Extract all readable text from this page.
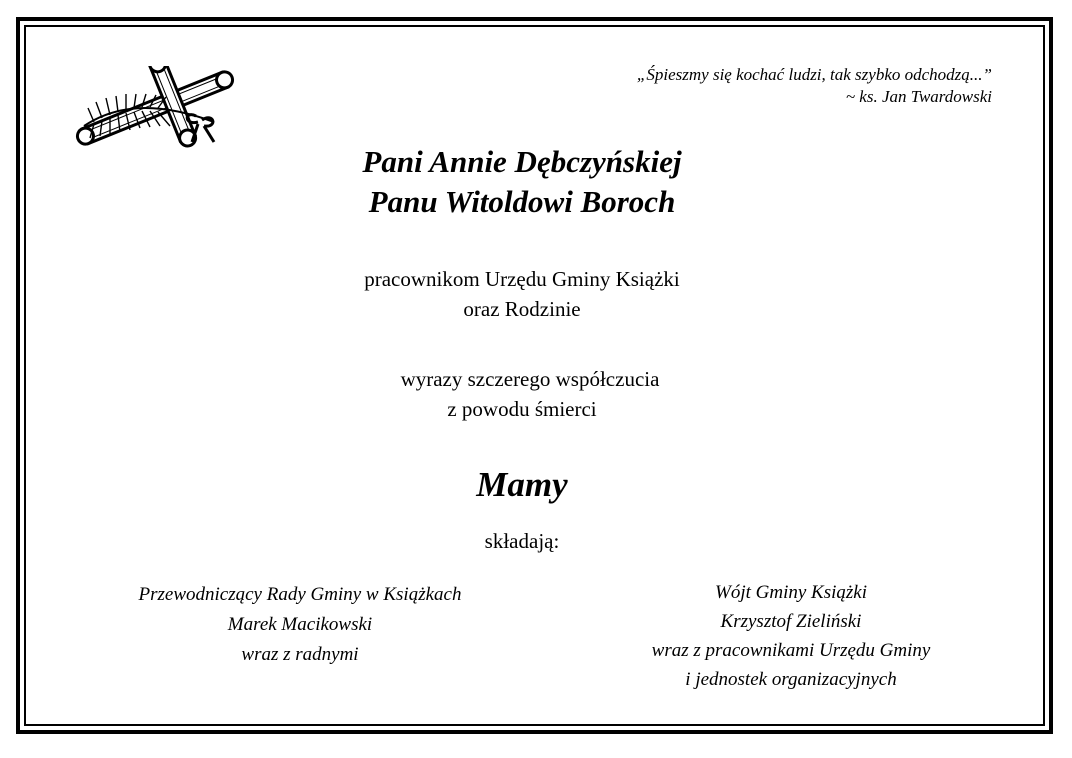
„Śpieszmy się kochać ludzi, tak szybko odchodzą...”
~ ks. Jan Twardowski
Pani Annie Dębczyńskiej
Panu Witoldowi Boroch
pracownikom Urzędu Gminy Książki
oraz Rodzinie
wyrazy szczerego współczucia
z powodu śmierci
Mamy
składają:
Przewodniczący Rady Gminy w Książkach
Marek Macikowski
wraz z radnymi
Wójt Gminy Książki
Krzysztof Zieliński
wraz z pracownikami Urzędu Gminy
i jednostek organizacyjnych
